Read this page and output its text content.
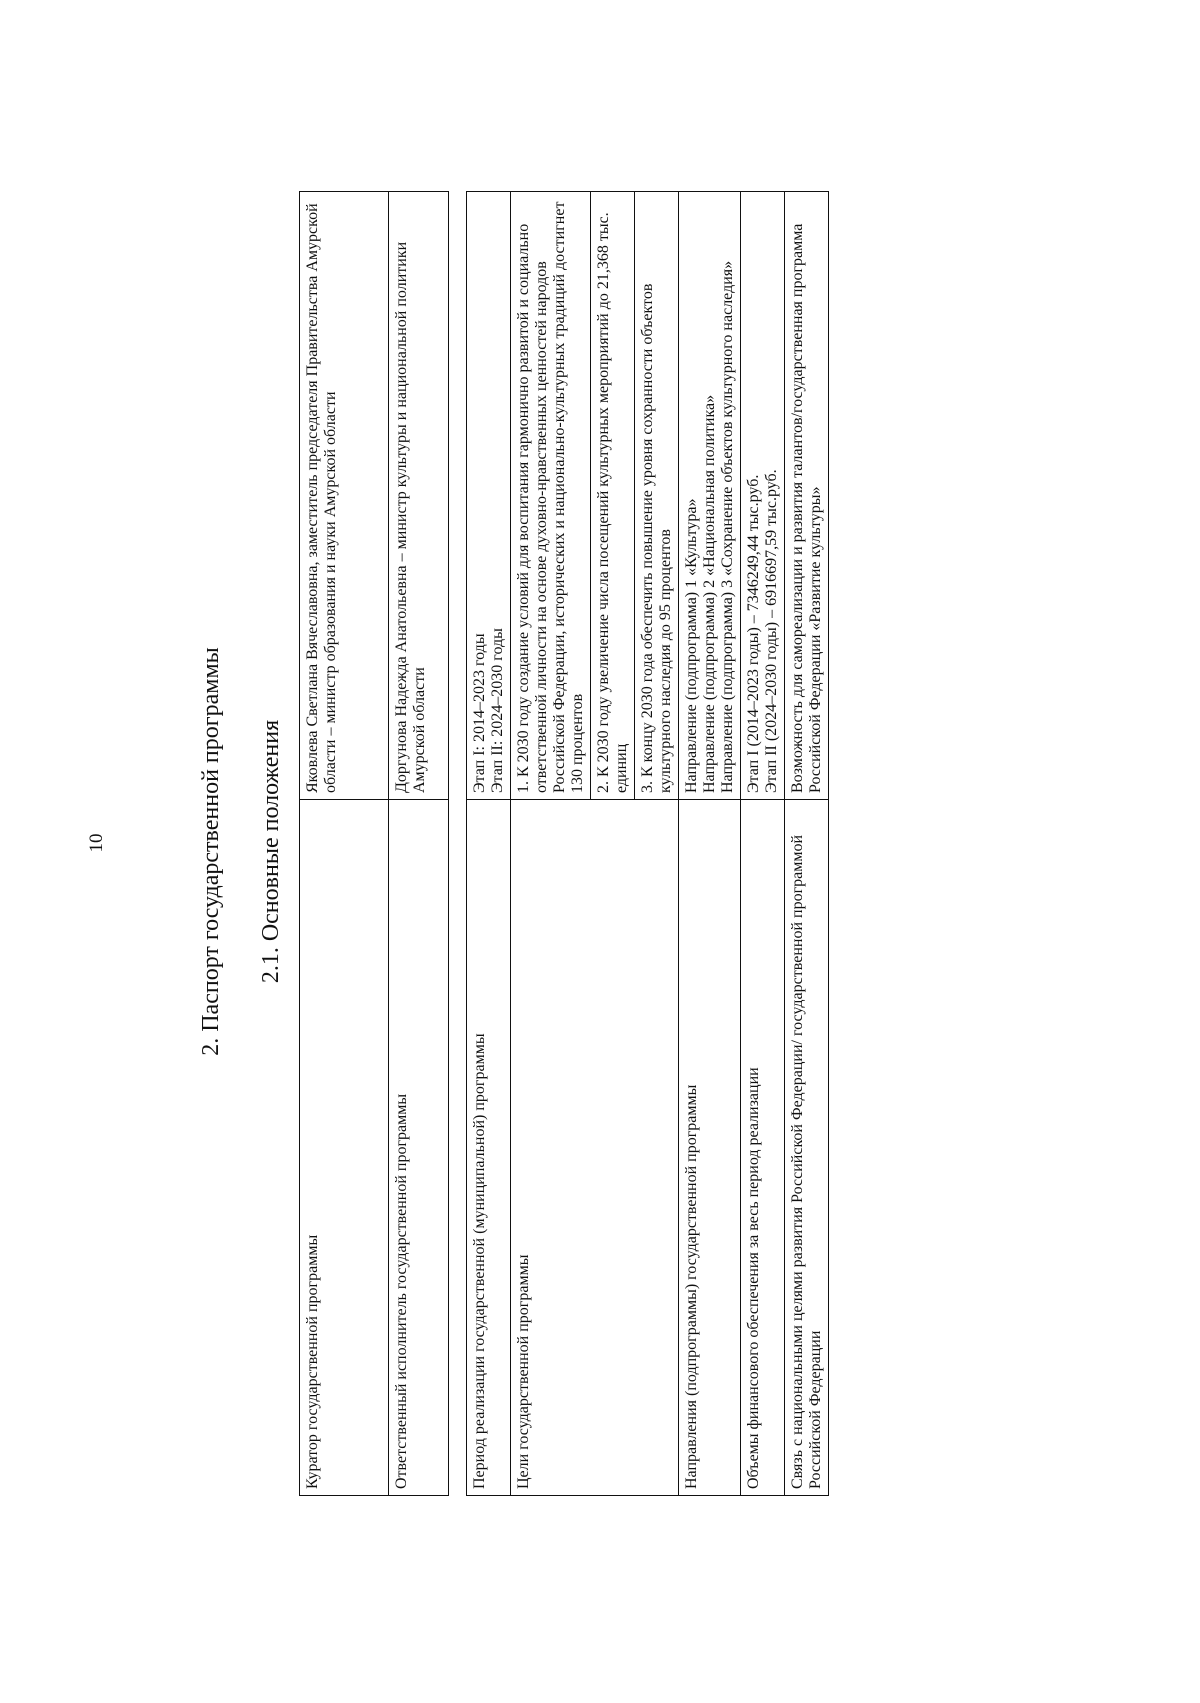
10	2. Паспорт государственной программы 2.1. Основные положения
Куратор государственной программы	Яковлева Светлана Вячеславовна, заместитель председателя Правительства Амурской области – министр образования и науки Амурской области
Ответственный исполнитель государственной программы	Доргунова Надежда Анатольевна – министр культуры и национальной политики Амурской области
Период реализации государственной (муниципальной) программы	Этап I: 2014–2023 годы Этап II: 2024–2030 годы

Цели государственной программы	1. К 2030 году создание условий для воспитания гармонично развитой и социально ответственной личности на основе духовно-нравственных ценностей народов Российской Федерации, исторических и национально-культурных традиций достигнет 130 процентов
	2. К 2030 году увеличение числа посещений культурных мероприятий до 21,368 тыс. единиц
	3. К концу 2030 года обеспечить повышение уровня сохранности объектов культурного наследия до 95 процентов
Направления (подпрограммы) государственной программы	Направление (подпрограмма) 1 «Культура» Направление (подпрограмма) 2 «Национальная политика» Направление (подпрограмма) 3 «Сохранение объектов культурного наследия»

Объемы финансового обеспечения за весь период реализации	Этап I (2014–2023 годы) – 7346249,44 тыс.руб. Этап II (2024–2030 годы) – 6916697,59 тыс.руб.

Связь с национальными целями развития Российской Федерации/ государственной программой Российской Федерации	Возможность для самореализации и развития талантов/государственная программа Российской Федерации «Развитие культуры»
